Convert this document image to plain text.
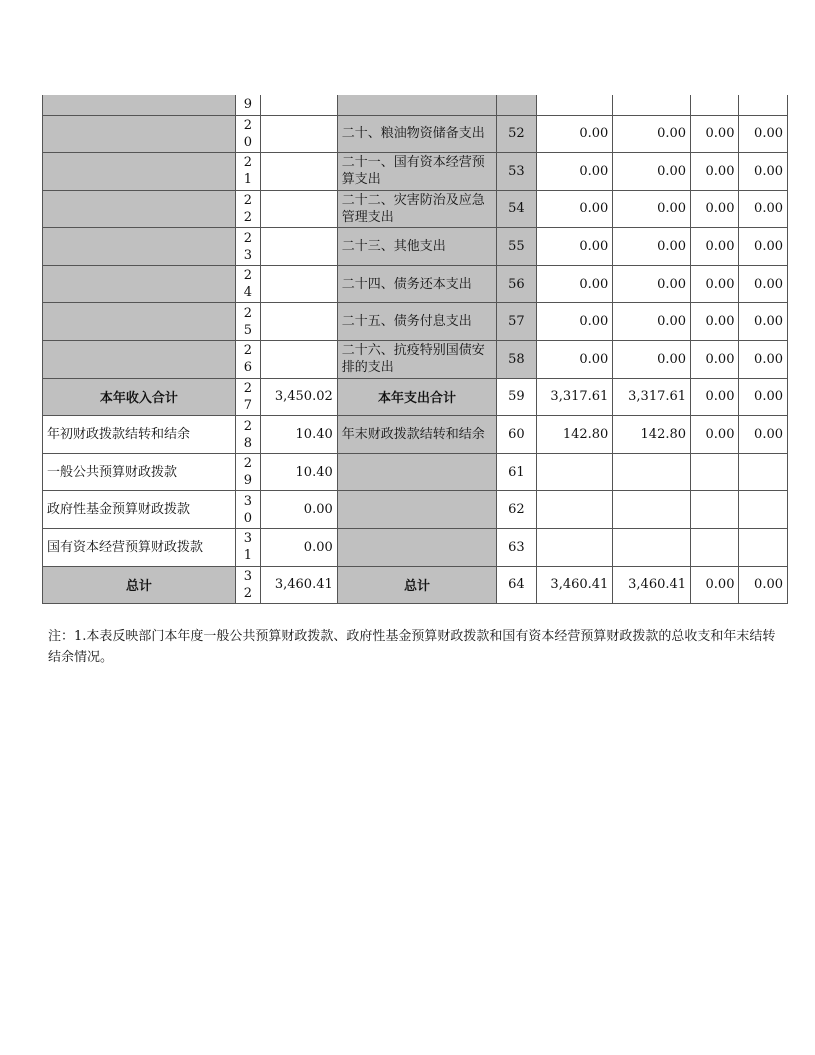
	9							
	20		二十、粮油物资储备支出	52	0.00	0.00	0.00	0.00
	21		二十一、国有资本经营预算支出	53	0.00	0.00	0.00	0.00
	22		二十二、灾害防治及应急管理支出	54	0.00	0.00	0.00	0.00
	23		二十三、其他支出	55	0.00	0.00	0.00	0.00
	24		二十四、债务还本支出	56	0.00	0.00	0.00	0.00
	25		二十五、债务付息支出	57	0.00	0.00	0.00	0.00
	26		二十六、抗疫特别国债安排的支出	58	0.00	0.00	0.00	0.00
本年收入合计	27	3,450.02	本年支出合计	59	3,317.61	3,317.61	0.00	0.00
年初财政拨款结转和结余	28	10.40	年末财政拨款结转和结余	60	142.80	142.80	0.00	0.00
一般公共预算财政拨款	29	10.40		61				
政府性基金预算财政拨款	30	0.00		62				
国有资本经营预算财政拨款	31	0.00		63				
总计	32	3,460.41	总计	64	3,460.41	3,460.41	0.00	0.00

注：1.本表反映部门本年度一般公共预算财政拨款、政府性基金预算财政拨款和国有资本经营预算财政拨款的总收支和年末结转结余情况。
